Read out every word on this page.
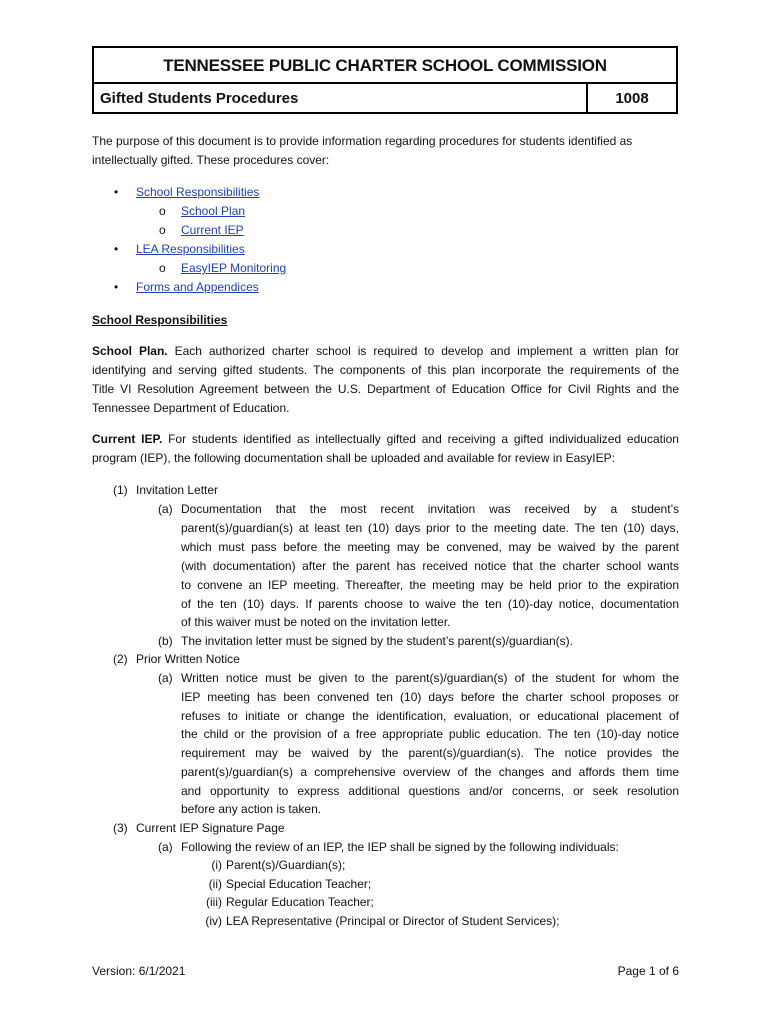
TENNESSEE PUBLIC CHARTER SCHOOL COMMISSION
Gifted Students Procedures	1008
The purpose of this document is to provide information regarding procedures for students identified as
intellectually gifted. These procedures cover:
• School Responsibilities
o School Plan
o Current IEP
• LEA Responsibilities
o EasyIEP Monitoring
• Forms and Appendices
School Responsibilities
School Plan. Each authorized charter school is required to develop and implement a written plan for
identifying and serving gifted students. The components of this plan incorporate the requirements of the
Title VI Resolution Agreement between the U.S. Department of Education Office for Civil Rights and the
Tennessee Department of Education.
Current IEP. For students identified as intellectually gifted and receiving a gifted individualized education
program (IEP), the following documentation shall be uploaded and available for review in EasyIEP:
(1) Invitation Letter
(a) Documentation that the most recent invitation was received by a student’s
parent(s)/guardian(s) at least ten (10) days prior to the meeting date. The ten (10) days,
which must pass before the meeting may be convened, may be waived by the parent
(with documentation) after the parent has received notice that the charter school wants
to convene an IEP meeting. Thereafter, the meeting may be held prior to the expiration
of the ten (10) days. If parents choose to waive the ten (10)-day notice, documentation
of this waiver must be noted on the invitation letter.
(b) The invitation letter must be signed by the student’s parent(s)/guardian(s).
(2) Prior Written Notice
(a) Written notice must be given to the parent(s)/guardian(s) of the student for whom the
IEP meeting has been convened ten (10) days before the charter school proposes or
refuses to initiate or change the identification, evaluation, or educational placement of
the child or the provision of a free appropriate public education. The ten (10)-day notice
requirement may be waived by the parent(s)/guardian(s). The notice provides the
parent(s)/guardian(s) a comprehensive overview of the changes and affords them time
and opportunity to express additional questions and/or concerns, or seek resolution
before any action is taken.
(3) Current IEP Signature Page
(a) Following the review of an IEP, the IEP shall be signed by the following individuals:
(i) Parent(s)/Guardian(s);
(ii) Special Education Teacher;
(iii) Regular Education Teacher;
(iv) LEA Representative (Principal or Director of Student Services);
Version: 6/1/2021	Page 1 of 6
